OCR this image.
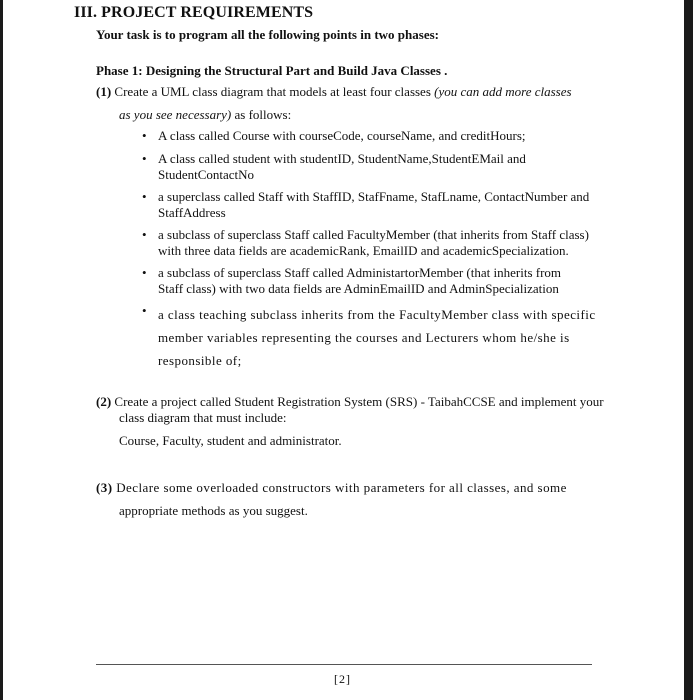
III. PROJECT REQUIREMENTS
Your task is to program all the following points in two phases:
Phase 1: Designing the Structural Part and Build Java Classes .
(1) Create a UML class diagram that models at least four classes (you can add more classes
as you see necessary) as follows:
• A class called Course with courseCode, courseName, and creditHours;
• A class called student with studentID, StudentName,StudentEMail and
StudentContactNo
• a superclass called Staff with StaffID, StafFname, StafLname, ContactNumber and
StaffAddress
• a subclass of superclass Staff called FacultyMember (that inherits from Staff class)
with three data fields are academicRank, EmailID and academicSpecialization.
• a subclass of superclass Staff called AdministartorMember (that inherits from
Staff class) with two data fields are AdminEmailID and AdminSpecialization
• a class teaching subclass inherits from the FacultyMember class with specific
member variables representing the courses and Lecturers whom he/she is
responsible of;
(2) Create a project called Student Registration System (SRS) - TaibahCCSE and implement your
class diagram that must include:
Course, Faculty, student and administrator.
(3) Declare some overloaded constructors with parameters for all classes, and some
appropriate methods as you suggest.
[2]
